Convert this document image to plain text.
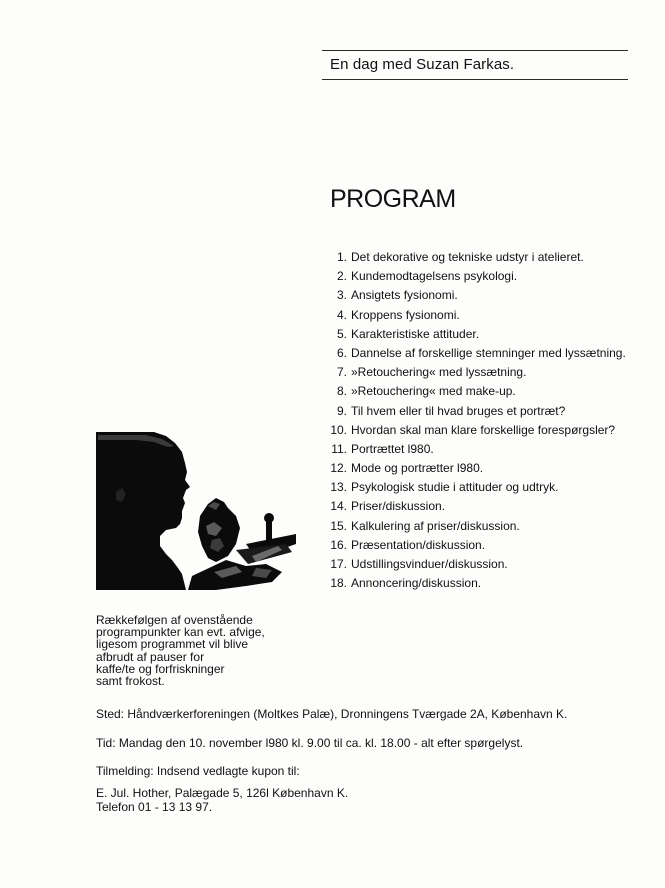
En dag med Suzan Farkas.
PROGRAM
1. Det dekorative og tekniske udstyr i atelieret.
2. Kundemodtagelsens psykologi.
3. Ansigtets fysionomi.
4. Kroppens fysionomi.
5. Karakteristiske attituder.
6. Dannelse af forskellige stemninger med lyssætning.
7. »Retouchering« med lyssætning.
8. »Retouchering« med make-up.
9. Til hvem eller til hvad bruges et portræt?
10. Hvordan skal man klare forskellige forespørgsler?
11. Portrættet l980.
12. Mode og portrætter l980.
13. Psykologisk studie i attituder og udtryk.
14. Priser/diskussion.
15. Kalkulering af priser/diskussion.
16. Præsentation/diskussion.
17. Udstillingsvinduer/diskussion.
18. Annoncering/diskussion.
Rækkefølgen af ovenstående
programpunkter kan evt. afvige,
ligesom programmet vil blive
afbrudt af pauser for
kaffe/te og forfriskninger
samt frokost.
Sted: Håndværkerforeningen (Moltkes Palæ), Dronningens Tværgade 2A, København K.
Tid: Mandag den 10. november l980 kl. 9.00 til ca. kl. 18.00 - alt efter spørgelyst.
Tilmelding: Indsend vedlagte kupon til:
E. Jul. Hother, Palægade 5, 126l København K.
Telefon 01 - 13 13 97.
